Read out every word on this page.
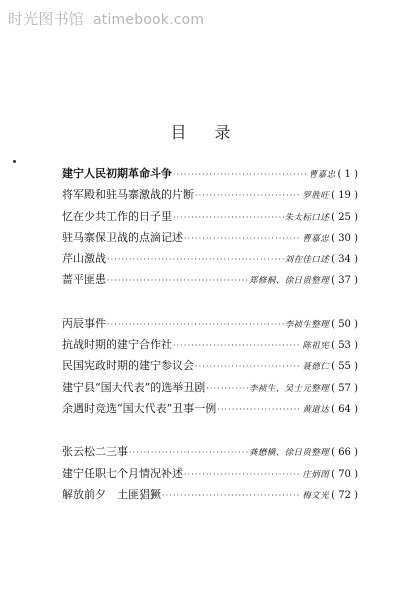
时光图书馆 atimebook.com
目录
建宁人民初期革命斗争 ·····	曹嘉忠 ( 1 )
将军殿和驻马寨激战的片断 ·····	罗胜旺 ( 19 )
忆在少共工作的日子里 ·····	朱太标口述 ( 25 )
驻马寨保卫战的点滴记述 ·····	曹嘉忠 ( 30 )
芹山激战 ·····	刘在佳口述 ( 34 )
蔷平匪患 ·····	郑修桐、徐日贵整理 ( 37 )
丙辰事件 ·····	李祯生整理 ( 50 )
抗战时期的建宁合作社 ·····	陈祖宪 ( 53 )
民国宪政时期的建宁参议会 ·····	聂德仁 ( 55 )
建宁县“国大代表”的选举丑剧 ·····	李祯生、吴士元整理 ( 57 )
余遇时竞选“国大代表”丑事一例 ·····	黄道达 ( 64 )
张云松二三事 ·····	龚懋横、徐日贵整理 ( 66 )
建宁任职七个月情况补述 ·····	庄炳图 ( 70 )
解放前夕　土匪猖獗 ·····	梅文光 ( 72 )
